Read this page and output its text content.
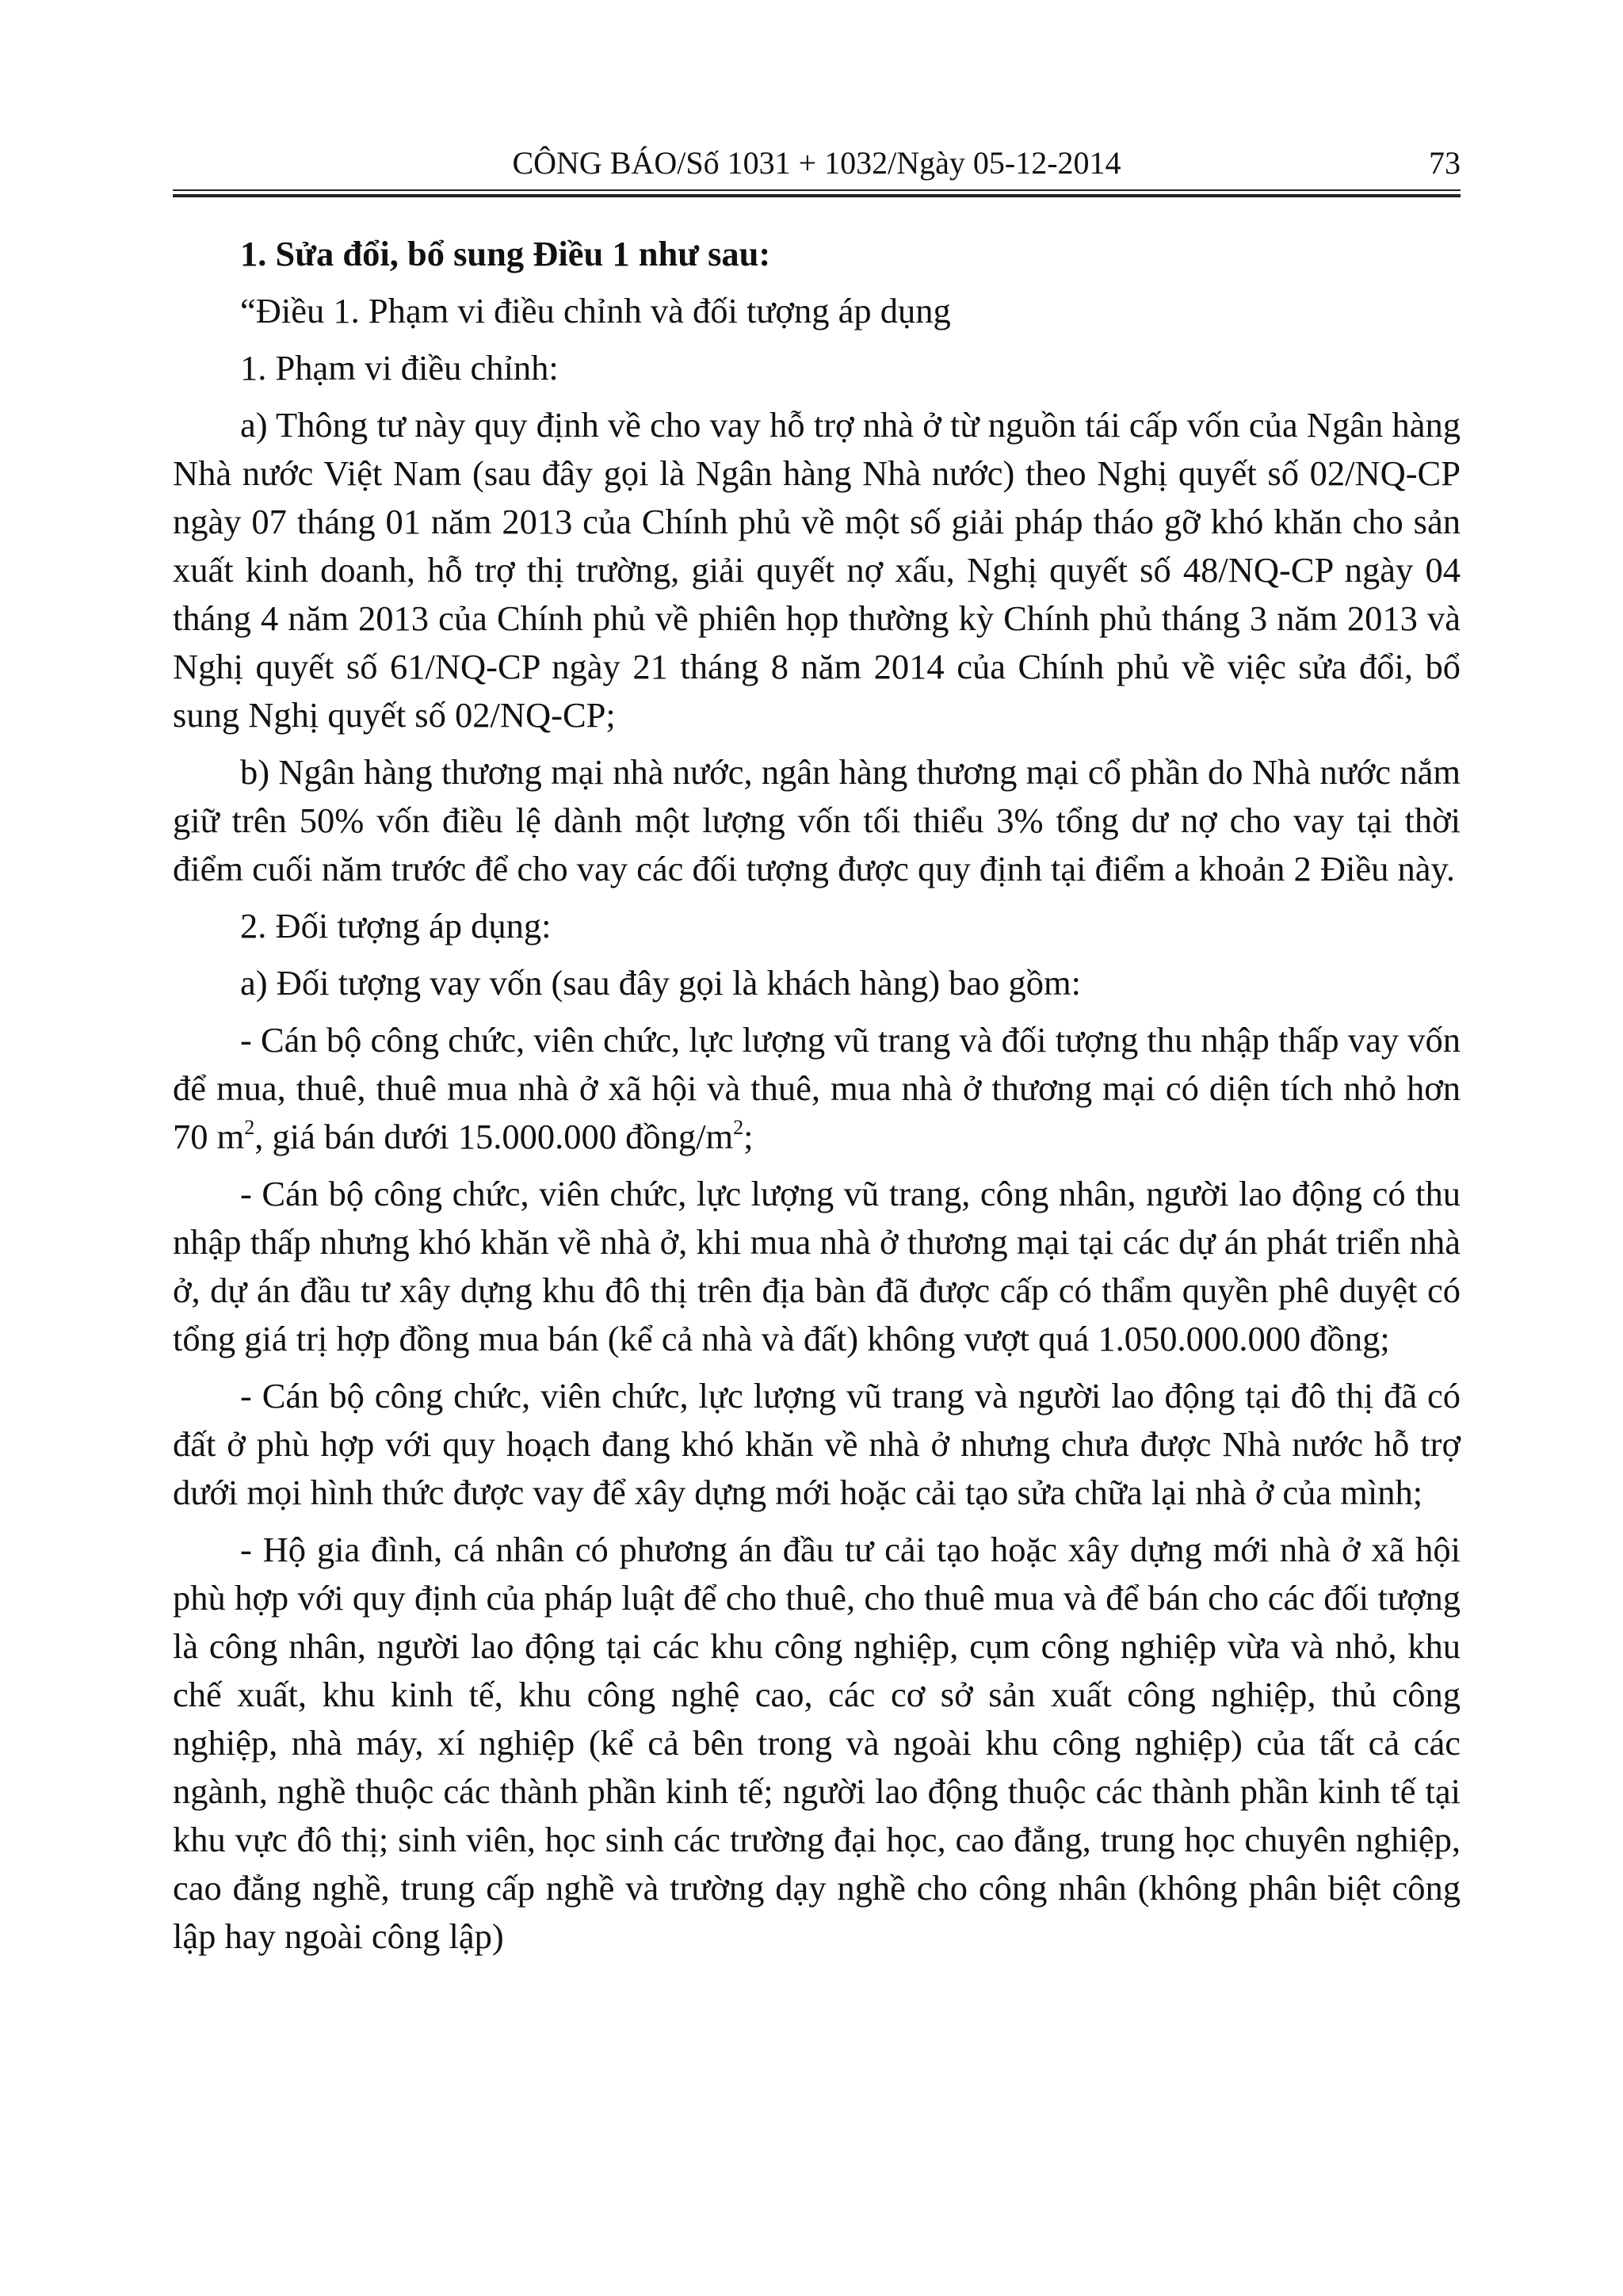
CÔNG BÁO/Số 1031 + 1032/Ngày 05-12-2014	73

1. Sửa đổi, bổ sung Điều 1 như sau:

“Điều 1. Phạm vi điều chỉnh và đối tượng áp dụng

1. Phạm vi điều chỉnh:

a) Thông tư này quy định về cho vay hỗ trợ nhà ở từ nguồn tái cấp vốn của Ngân hàng Nhà nước Việt Nam (sau đây gọi là Ngân hàng Nhà nước) theo Nghị quyết số 02/NQ-CP ngày 07 tháng 01 năm 2013 của Chính phủ về một số giải pháp tháo gỡ khó khăn cho sản xuất kinh doanh, hỗ trợ thị trường, giải quyết nợ xấu, Nghị quyết số 48/NQ-CP ngày 04 tháng 4 năm 2013 của Chính phủ về phiên họp thường kỳ Chính phủ tháng 3 năm 2013 và Nghị quyết số 61/NQ-CP ngày 21 tháng 8 năm 2014 của Chính phủ về việc sửa đổi, bổ sung Nghị quyết số 02/NQ-CP;

b) Ngân hàng thương mại nhà nước, ngân hàng thương mại cổ phần do Nhà nước nắm giữ trên 50% vốn điều lệ dành một lượng vốn tối thiểu 3% tổng dư nợ cho vay tại thời điểm cuối năm trước để cho vay các đối tượng được quy định tại điểm a khoản 2 Điều này.

2. Đối tượng áp dụng:

a) Đối tượng vay vốn (sau đây gọi là khách hàng) bao gồm:

- Cán bộ công chức, viên chức, lực lượng vũ trang và đối tượng thu nhập thấp vay vốn để mua, thuê, thuê mua nhà ở xã hội và thuê, mua nhà ở thương mại có diện tích nhỏ hơn 70 $m^2$, giá bán dưới 15.000.000 đồng/$m^2$;

- Cán bộ công chức, viên chức, lực lượng vũ trang, công nhân, người lao động có thu nhập thấp nhưng khó khăn về nhà ở, khi mua nhà ở thương mại tại các dự án phát triển nhà ở, dự án đầu tư xây dựng khu đô thị trên địa bàn đã được cấp có thẩm quyền phê duyệt có tổng giá trị hợp đồng mua bán (kể cả nhà và đất) không vượt quá 1.050.000.000 đồng;

- Cán bộ công chức, viên chức, lực lượng vũ trang và người lao động tại đô thị đã có đất ở phù hợp với quy hoạch đang khó khăn về nhà ở nhưng chưa được Nhà nước hỗ trợ dưới mọi hình thức được vay để xây dựng mới hoặc cải tạo sửa chữa lại nhà ở của mình;

- Hộ gia đình, cá nhân có phương án đầu tư cải tạo hoặc xây dựng mới nhà ở xã hội phù hợp với quy định của pháp luật để cho thuê, cho thuê mua và để bán cho các đối tượng là công nhân, người lao động tại các khu công nghiệp, cụm công nghiệp vừa và nhỏ, khu chế xuất, khu kinh tế, khu công nghệ cao, các cơ sở sản xuất công nghiệp, thủ công nghiệp, nhà máy, xí nghiệp (kể cả bên trong và ngoài khu công nghiệp) của tất cả các ngành, nghề thuộc các thành phần kinh tế; người lao động thuộc các thành phần kinh tế tại khu vực đô thị; sinh viên, học sinh các trường đại học, cao đẳng, trung học chuyên nghiệp, cao đẳng nghề, trung cấp nghề và trường dạy nghề cho công nhân (không phân biệt công lập hay ngoài công lập)
